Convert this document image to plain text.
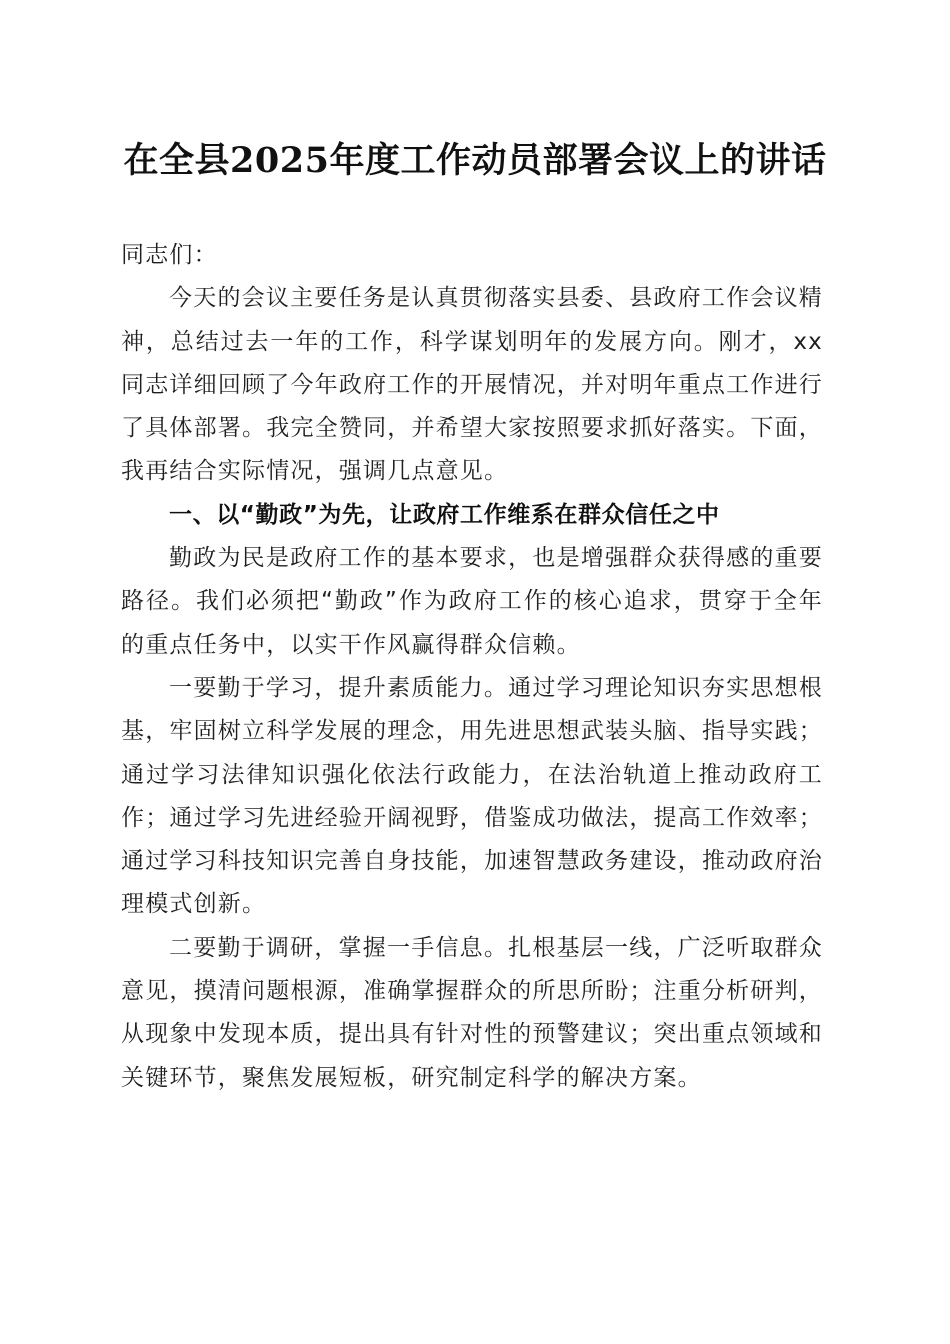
在全县2025年度工作动员部署会议上的讲话

同志们：

今天的会议主要任务是认真贯彻落实县委、县政府工作会议精神，总结过去一年的工作，科学谋划明年的发展方向。刚才，xx同志详细回顾了今年政府工作的开展情况，并对明年重点工作进行了具体部署。我完全赞同，并希望大家按照要求抓好落实。下面，我再结合实际情况，强调几点意见。

一、以“勤政”为先，让政府工作维系在群众信任之中

勤政为民是政府工作的基本要求，也是增强群众获得感的重要路径。我们必须把“勤政”作为政府工作的核心追求，贯穿于全年的重点任务中，以实干作风赢得群众信赖。

一要勤于学习，提升素质能力。通过学习理论知识夯实思想根基，牢固树立科学发展的理念，用先进思想武装头脑、指导实践；通过学习法律知识强化依法行政能力，在法治轨道上推动政府工作；通过学习先进经验开阔视野，借鉴成功做法，提高工作效率；通过学习科技知识完善自身技能，加速智慧政务建设，推动政府治理模式创新。

二要勤于调研，掌握一手信息。扎根基层一线，广泛听取群众意见，摸清问题根源，准确掌握群众的所思所盼；注重分析研判，从现象中发现本质，提出具有针对性的预警建议；突出重点领域和关键环节，聚焦发展短板，研究制定科学的解决方案。
